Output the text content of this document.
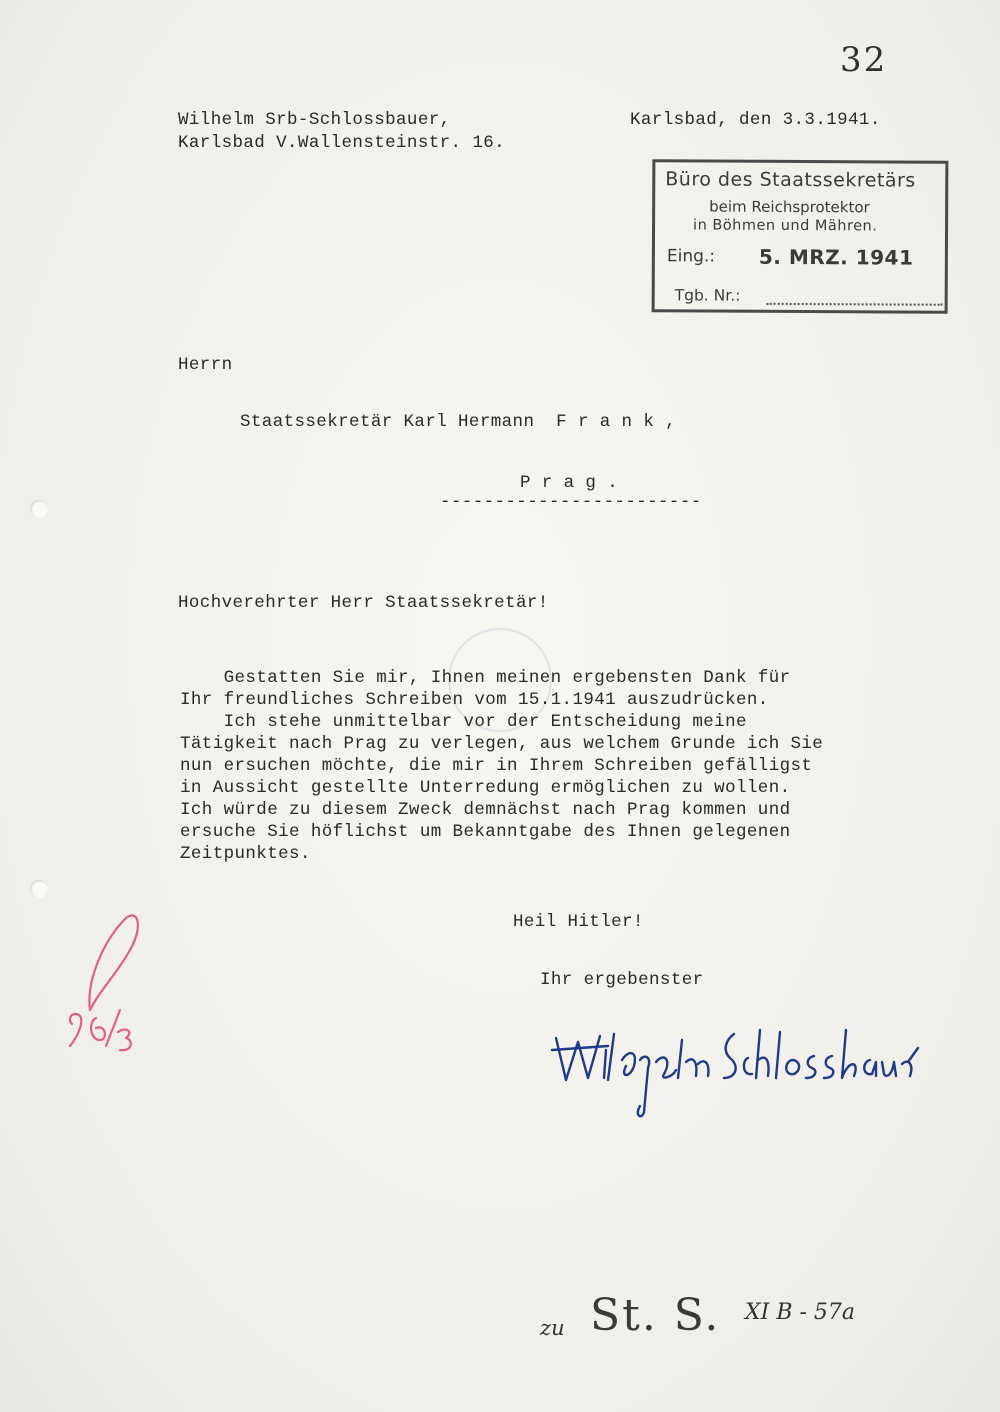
32
Wilhelm Srb-Schlossbauer,
Karlsbad V.Wallensteinstr. 16.
Karlsbad, den 3.3.1941.
Büro des Staatssekretärs
beim Reichsprotektor
in Böhmen und Mähren.
Eing.: 5. MRZ. 1941
Tgb. Nr.:
Herrn
Staatssekretär Karl Hermann  F r a n k ,
P r a g .
------------------------
Hochverehrter Herr Staatssekretär!
Gestatten Sie mir, Ihnen meinen ergebensten Dank für
Ihr freundliches Schreiben vom 15.1.1941 auszudrücken.
Ich stehe unmittelbar vor der Entscheidung meine
Tätigkeit nach Prag zu verlegen, aus welchem Grunde ich Sie
nun ersuchen möchte, die mir in Ihrem Schreiben gefälligst
in Aussicht gestellte Unterredung ermöglichen zu wollen.
Ich würde zu diesem Zweck demnächst nach Prag kommen und
ersuche Sie höflichst um Bekanntgabe des Ihnen gelegenen
Zeitpunktes.
Heil Hitler!
Ihr ergebenster
zu St. S. XI B - 57a
